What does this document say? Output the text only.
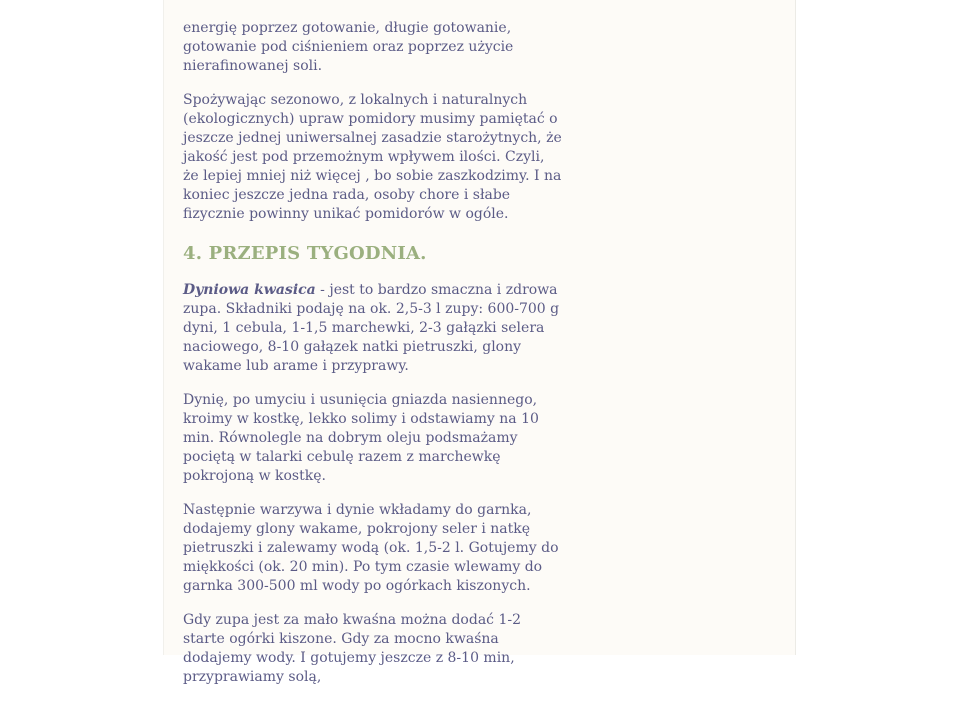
energię poprzez gotowanie, długie gotowanie, gotowanie pod ciśnieniem oraz poprzez użycie nierafinowanej soli.

Spożywając sezonowo, z lokalnych i naturalnych (ekologicznych) upraw pomidory musimy pamiętać o jeszcze jednej uniwersalnej zasadzie starożytnych, że jakość jest pod przemożnym wpływem ilości. Czyli, że lepiej mniej niż więcej , bo sobie zaszkodzimy. I na koniec jeszcze jedna rada, osoby chore i słabe fizycznie powinny unikać pomidorów w ogóle.

4. PRZEPIS TYGODNIA.

Dyniowa kwasica - jest to bardzo smaczna i zdrowa zupa. Składniki podaję na ok. 2,5-3 l zupy: 600-700 g dyni, 1 cebula, 1-1,5 marchewki, 2-3 gałązki selera naciowego, 8-10 gałązek natki pietruszki, glony wakame lub arame i przyprawy.

Dynię, po umyciu i usunięcia gniazda nasiennego, kroimy w kostkę, lekko solimy i odstawiamy na 10 min. Równolegle na dobrym oleju podsmażamy pociętą w talarki cebulę razem z marchewkę pokrojoną w kostkę.

Następnie warzywa i dynie wkładamy do garnka, dodajemy glony wakame, pokrojony seler i natkę pietruszki i zalewamy wodą (ok. 1,5-2 l. Gotujemy do miękkości (ok. 20 min). Po tym czasie wlewamy do garnka 300-500 ml wody po ogórkach kiszonych.

Gdy zupa jest za mało kwaśna można dodać 1-2 starte ogórki kiszone. Gdy za mocno kwaśna dodajemy wody. I gotujemy jeszcze z 8-10 min, przyprawiamy solą,
